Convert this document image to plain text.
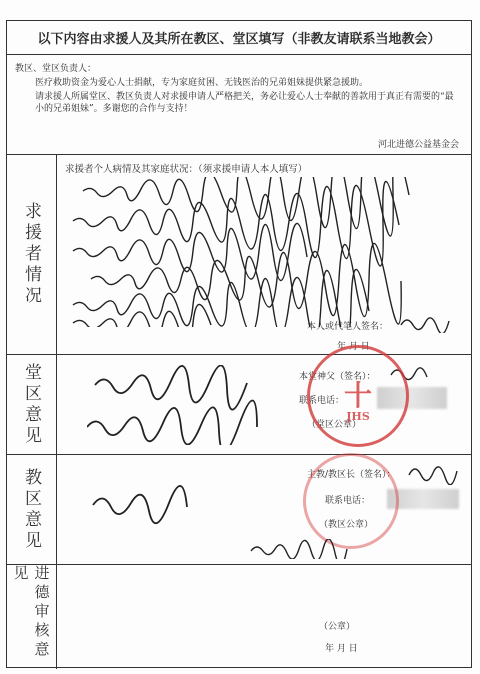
以下内容由求援人及其所在教区、堂区填写（非教友请联系当地教会）
教区、堂区负责人：
医疗救助资金为爱心人士捐献，专为家庭贫困、无钱医治的兄弟姐妹提供紧急援助。
请求援人所属堂区、教区负责人对求援申请人严格把关，务必让爱心人士奉献的善款用于真正有需要的“最小的兄弟姐妹”。多谢您的合作与支持！
河北进德公益基金会
求援者情况
求援者个人病情及其家庭状况：（须求援申请人本人填写）
本人或代笔人签名：
年 月 日
堂区意见	本堂神父（签名）：
联系电话：
（堂区公章）
十
JHS
教区意见	主教/教区长（签名）：
联系电话：
（教区公章）
进德审核意见
（公章）
年 月 日
